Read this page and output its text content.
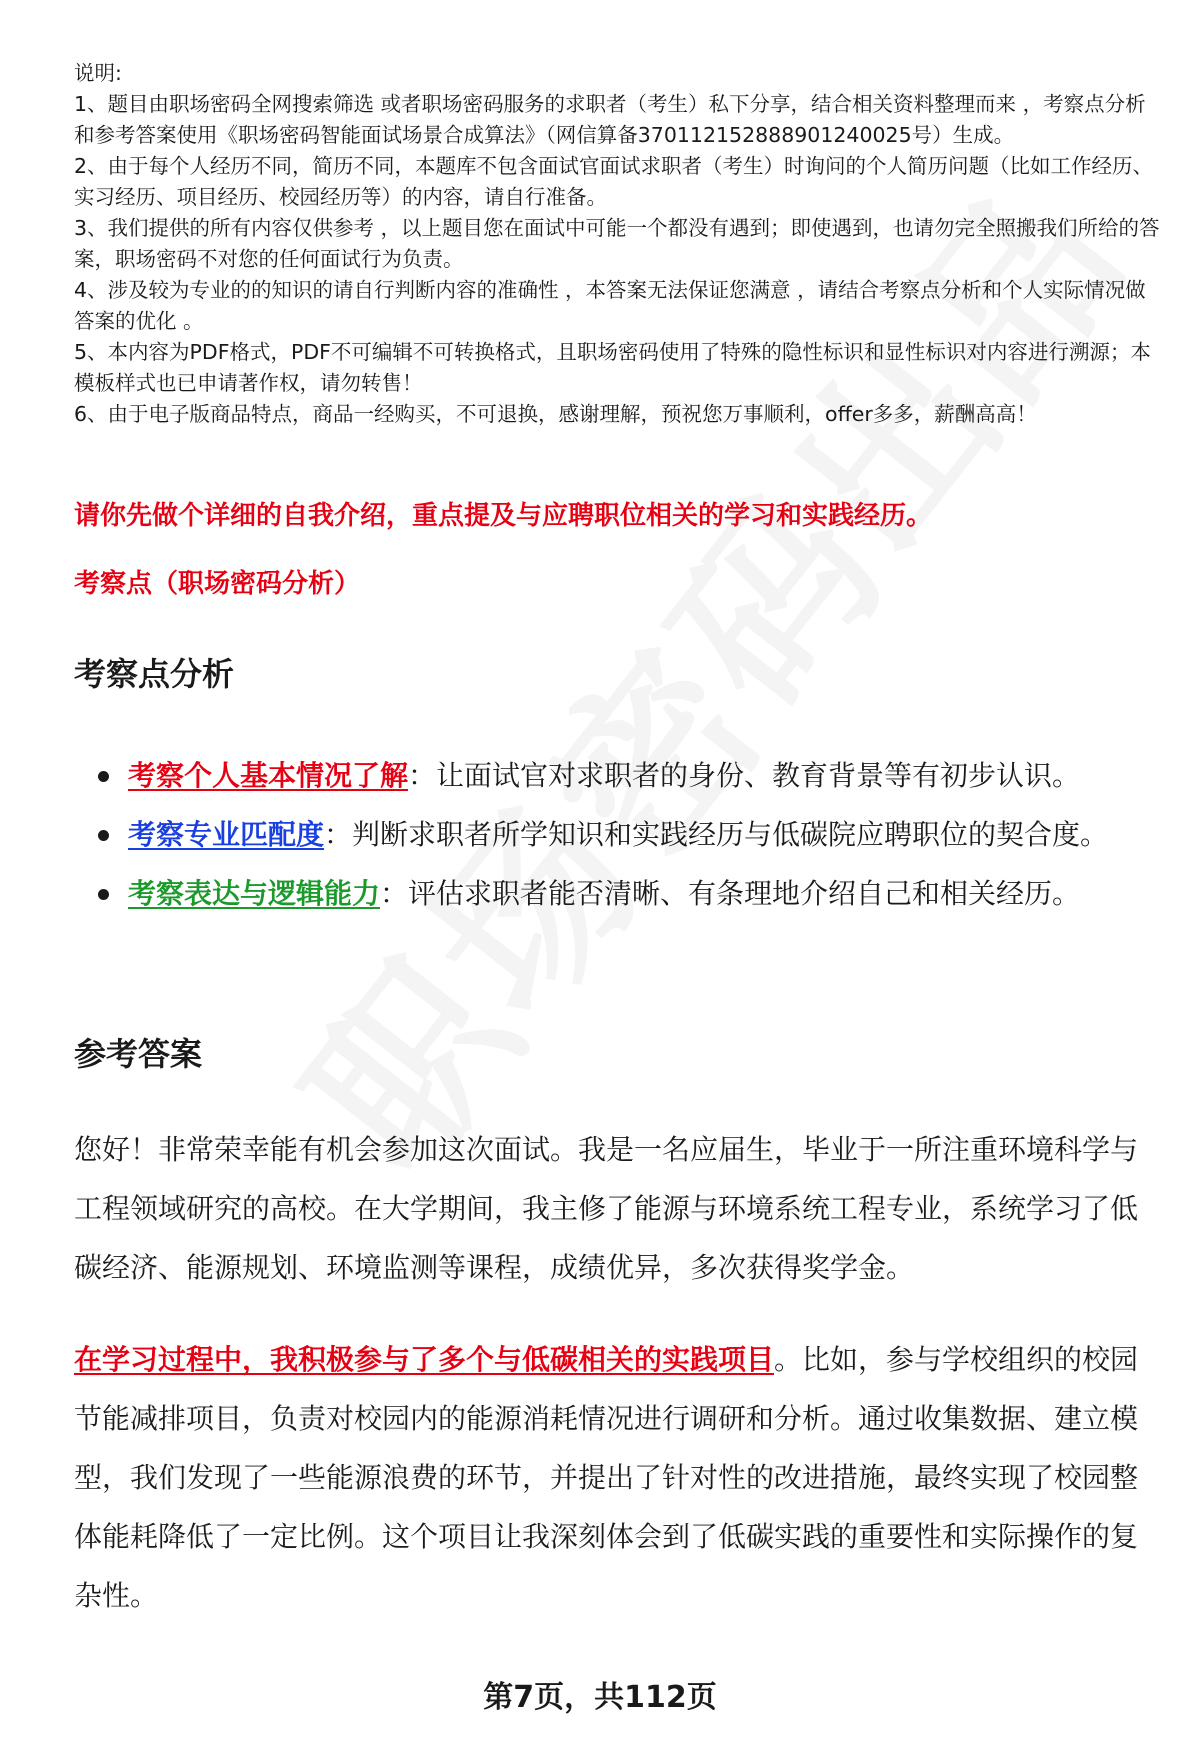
说明:

1、题目由职场密码全网搜索筛选 或者职场密码服务的求职者（考生）私下分享，结合相关资料整理而来 ，考察点分析和参考答案使用《职场密码智能面试场景合成算法》（网信算备370112152888901240025号）生成。

2、由于每个人经历不同，简历不同，本题库不包含面试官面试求职者（考生）时询问的个人简历问题（比如工作经历、实习经历、项目经历、校园经历等）的内容，请自行准备。

3、我们提供的所有内容仅供参考 ，以上题目您在面试中可能一个都没有遇到；即使遇到，也请勿完全照搬我们所给的答案，职场密码不对您的任何面试行为负责。

4、涉及较为专业的的知识的请自行判断内容的准确性 ，本答案无法保证您满意 ，请结合考察点分析和个人实际情况做答案的优化 。

5、本内容为PDF格式，PDF不可编辑不可转换格式，且职场密码使用了特殊的隐性标识和显性标识对内容进行溯源；本模板样式也已申请著作权，请勿转售！

6、由于电子版商品特点，商品一经购买，不可退换，感谢理解，预祝您万事顺利，offer多多，薪酬高高！

请你先做个详细的自我介绍，重点提及与应聘职位相关的学习和实践经历。
考察点（职场密码分析）
考察点分析
考察个人基本情况了解：让面试官对求职者的身份、教育背景等有初步认识。
考察专业匹配度：判断求职者所学知识和实践经历与低碳院应聘职位的契合度。
考察表达与逻辑能力：评估求职者能否清晰、有条理地介绍自己和相关经历。
参考答案

您好！非常荣幸能有机会参加这次面试。我是一名应届生，毕业于一所注重环境科学与工程领域研究的高校。在大学期间，我主修了能源与环境系统工程专业，系统学习了低碳经济、能源规划、环境监测等课程，成绩优异，多次获得奖学金。

在学习过程中，我积极参与了多个与低碳相关的实践项目。比如，参与学校组织的校园节能减排项目，负责对校园内的能源消耗情况进行调研和分析。通过收集数据、建立模型，我们发现了一些能源浪费的环节，并提出了针对性的改进措施，最终实现了校园整体能耗降低了一定比例。这个项目让我深刻体会到了低碳实践的重要性和实际操作的复杂性。

第7页，共112页
